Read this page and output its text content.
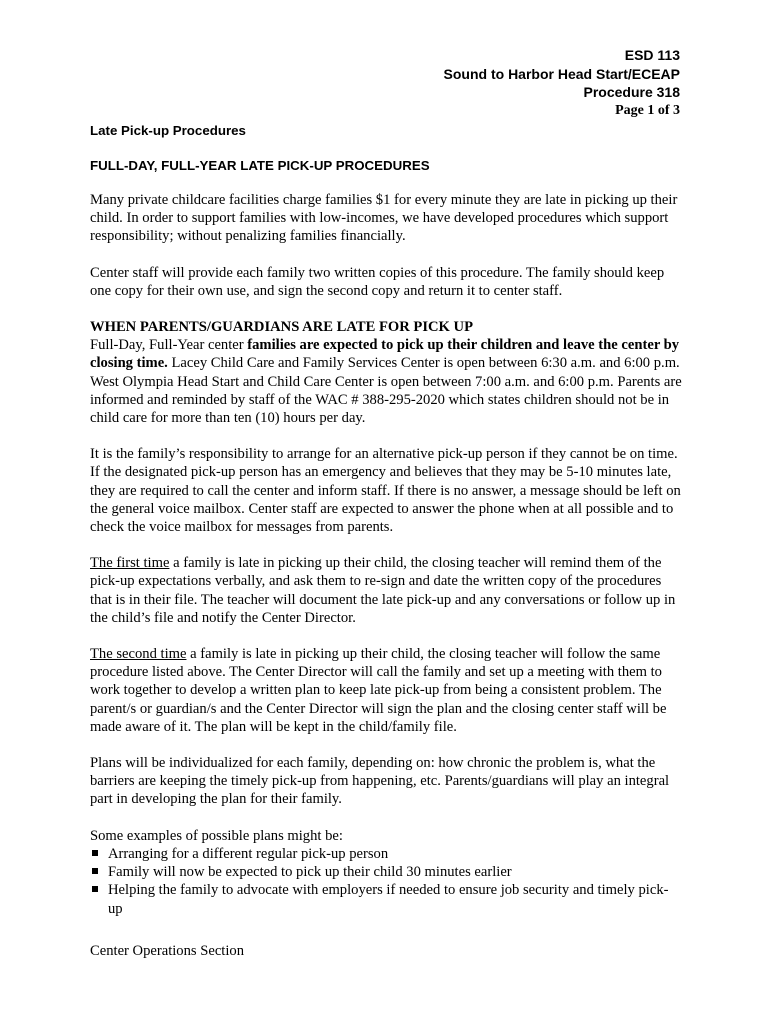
ESD 113
Sound to Harbor Head Start/ECEAP
Procedure 318
Page 1 of 3
Late Pick-up Procedures
FULL-DAY, FULL-YEAR LATE PICK-UP PROCEDURES

Many private childcare facilities charge families $1 for every minute they are late in picking up their child. In order to support families with low-incomes, we have developed procedures which support responsibility; without penalizing families financially.

Center staff will provide each family two written copies of this procedure. The family should keep one copy for their own use, and sign the second copy and return it to center staff.

WHEN PARENTS/GUARDIANS ARE LATE FOR PICK UP

Full-Day, Full-Year center families are expected to pick up their children and leave the center by closing time. Lacey Child Care and Family Services Center is open between 6:30 a.m. and 6:00 p.m. West Olympia Head Start and Child Care Center is open between 7:00 a.m. and 6:00 p.m. Parents are informed and reminded by staff of the WAC # 388-295-2020 which states children should not be in child care for more than ten (10) hours per day.

It is the family’s responsibility to arrange for an alternative pick-up person if they cannot be on time. If the designated pick-up person has an emergency and believes that they may be 5-10 minutes late, they are required to call the center and inform staff. If there is no answer, a message should be left on the general voice mailbox. Center staff are expected to answer the phone when at all possible and to check the voice mailbox for messages from parents.

The first time a family is late in picking up their child, the closing teacher will remind them of the pick-up expectations verbally, and ask them to re-sign and date the written copy of the procedures that is in their file. The teacher will document the late pick-up and any conversations or follow up in the child’s file and notify the Center Director.

The second time a family is late in picking up their child, the closing teacher will follow the same procedure listed above. The Center Director will call the family and set up a meeting with them to work together to develop a written plan to keep late pick-up from being a consistent problem. The parent/s or guardian/s and the Center Director will sign the plan and the closing center staff will be made aware of it. The plan will be kept in the child/family file.

Plans will be individualized for each family, depending on: how chronic the problem is, what the barriers are keeping the timely pick-up from happening, etc. Parents/guardians will play an integral part in developing the plan for their family.

Some examples of possible plans might be:
Arranging for a different regular pick-up person
Family will now be expected to pick up their child 30 minutes earlier
Helping the family to advocate with employers if needed to ensure job security and timely pick-up
Center Operations Section
